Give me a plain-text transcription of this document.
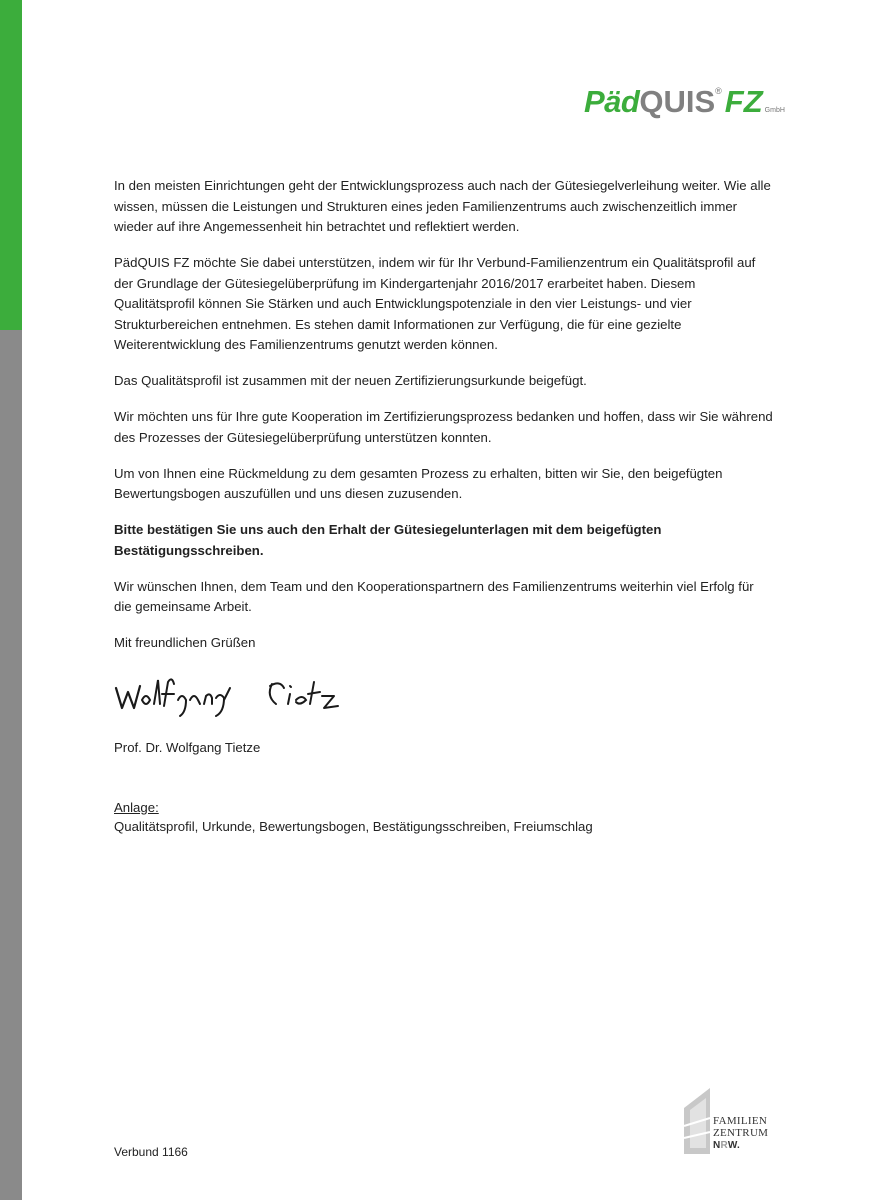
PädQUIS®FZ GmbH

In den meisten Einrichtungen geht der Entwicklungsprozess auch nach der Gütesiegelverleihung weiter. Wie alle wissen, müssen die Leistungen und Strukturen eines jeden Familienzentrums auch zwischenzeitlich immer wieder auf ihre Angemessenheit hin betrachtet und reflektiert werden.

PädQUIS FZ möchte Sie dabei unterstützen, indem wir für Ihr Verbund-Familienzentrum ein Qualitätsprofil auf der Grundlage der Gütesiegelüberprüfung im Kindergartenjahr 2016/2017 erarbeitet haben. Diesem Qualitätsprofil können Sie Stärken und auch Entwicklungspotenziale in den vier Leistungs- und vier Strukturbereichen entnehmen. Es stehen damit Informationen zur Verfügung, die für eine gezielte Weiterentwicklung des Familienzentrums genutzt werden können.

Das Qualitätsprofil ist zusammen mit der neuen Zertifizierungsurkunde beigefügt.

Wir möchten uns für Ihre gute Kooperation im Zertifizierungsprozess bedanken und hoffen, dass wir Sie während des Prozesses der Gütesiegelüberprüfung unterstützen konnten.

Um von Ihnen eine Rückmeldung zu dem gesamten Prozess zu erhalten, bitten wir Sie, den beigefügten Bewertungsbogen auszufüllen und uns diesen zuzusenden.

Bitte bestätigen Sie uns auch den Erhalt der Gütesiegelunterlagen mit dem beigefügten Bestätigungsschreiben.

Wir wünschen Ihnen, dem Team und den Kooperationspartnern des Familienzentrums weiterhin viel Erfolg für die gemeinsame Arbeit.

Mit freundlichen Grüßen

Prof. Dr. Wolfgang Tietze
Anlage:
Qualitätsprofil, Urkunde, Bewertungsbogen, Bestätigungsschreiben, Freiumschlag
Verbund 1166
FAMILIEN
ZENTRUM
NRW.
